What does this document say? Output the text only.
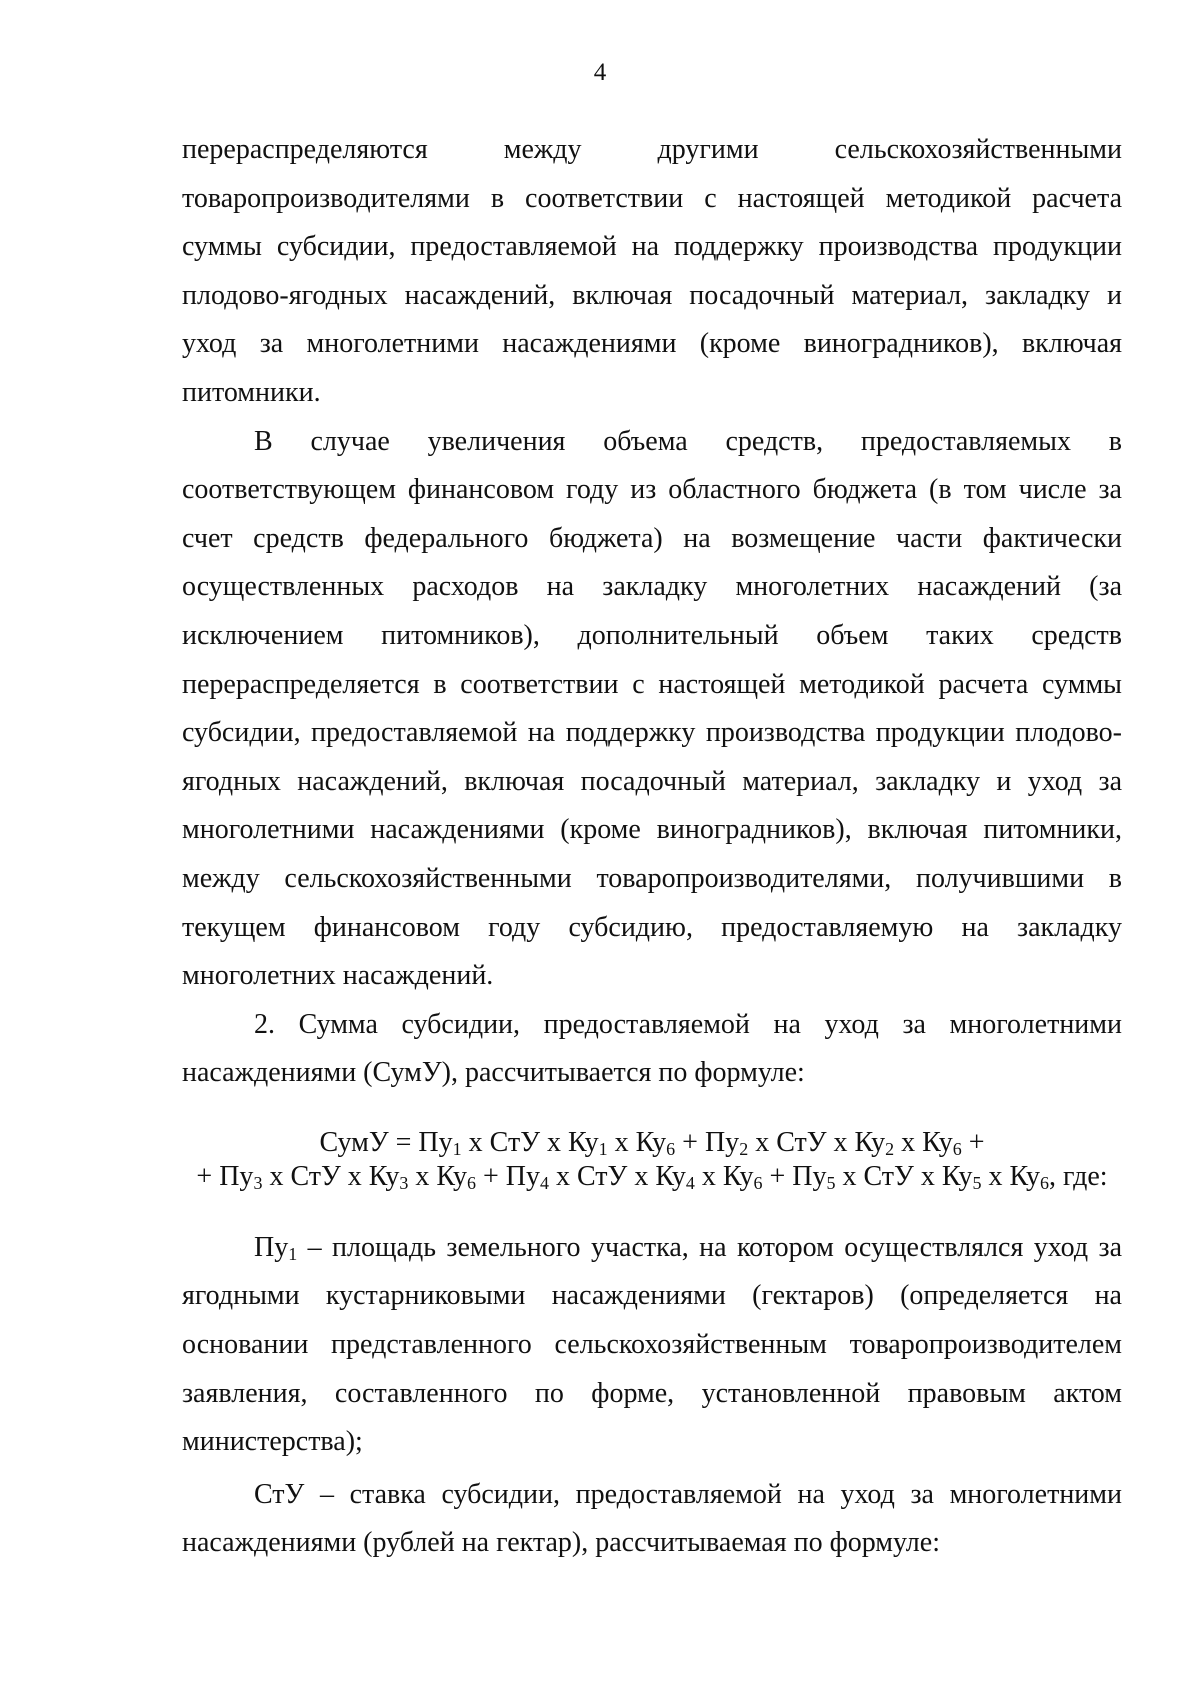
4

перераспределяются между другими сельскохозяйственными товаропроизводителями в соответствии с настоящей методикой расчета суммы субсидии, предоставляемой на поддержку производства продукции плодово-ягодных насаждений, включая посадочный материал, закладку и уход за многолетними насаждениями (кроме виноградников), включая питомники.

В случае увеличения объема средств, предоставляемых в соответствующем финансовом году из областного бюджета (в том числе за счет средств федерального бюджета) на возмещение части фактически осуществленных расходов на закладку многолетних насаждений (за исключением питомников), дополнительный объем таких средств перераспределяется в соответствии с настоящей методикой расчета суммы субсидии, предоставляемой на поддержку производства продукции плодово-ягодных насаждений, включая посадочный материал, закладку и уход за многолетними насаждениями (кроме виноградников), включая питомники, между сельскохозяйственными товаропроизводителями, получившими в текущем финансовом году субсидию, предоставляемую на закладку многолетних насаждений.

2. Сумма субсидии, предоставляемой на уход за многолетними насаждениями (СумУ), рассчитывается по формуле:

СумУ = $Пу_1$ х СтУ х $Ку_1$ х $Ку_6 + Пу_2$ х СтУ х $Ку_2$ х $Ку_6$ +
+ $Пу_3$ х СтУ х $Ку_3$ х $Ку_6 + Пу_4$ х СтУ х $Ку_4$ х $Ку_6 + Пу_5$ х СтУ х $Ку_5$ х $Ку_6$, где:

$Пу_1$ – площадь земельного участка, на котором осуществлялся уход за ягодными кустарниковыми насаждениями (гектаров) (определяется на основании представленного сельскохозяйственным товаропроизводителем заявления, составленного по форме, установленной правовым актом министерства);

СтУ – ставка субсидии, предоставляемой на уход за многолетними насаждениями (рублей на гектар), рассчитываемая по формуле:
